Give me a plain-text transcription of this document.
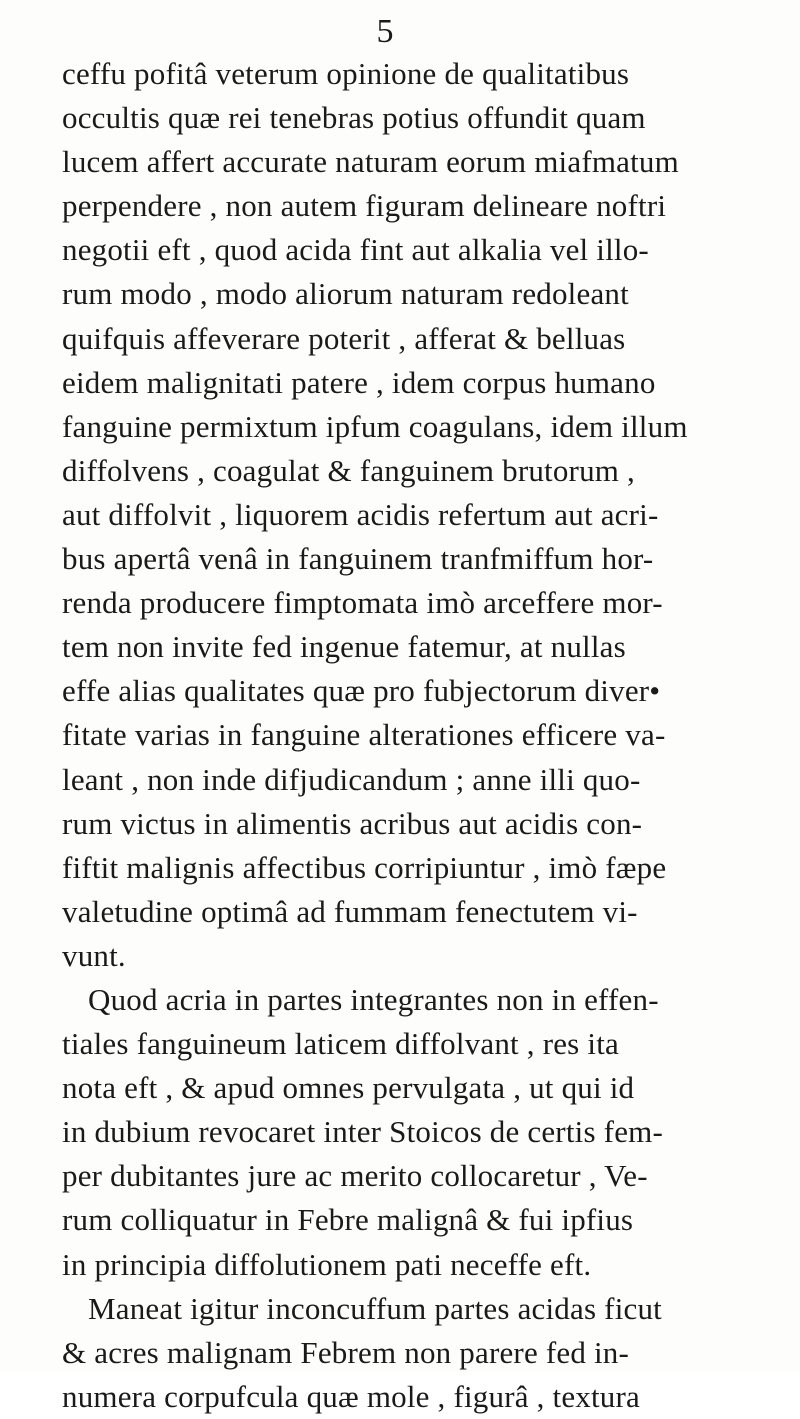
5
ceffu pofitâ veterum opinione de qualitatibus
occultis quæ rei tenebras potius offundit quam
lucem affert accurate naturam eorum miafmatum
perpendere , non autem figuram delineare noftri
negotii eft , quod acida fint aut alkalia vel illo-
rum modo , modo aliorum naturam redoleant
quifquis affeverare poterit , afferat & belluas
eidem malignitati patere , idem corpus humano
fanguine permixtum ipfum coagulans, idem illum
diffolvens , coagulat & fanguinem brutorum ,
aut diffolvit , liquorem acidis refertum aut acri-
bus apertâ venâ in fanguinem tranfmiffum hor-
renda producere fimptomata imò arceffere mor-
tem non invite fed ingenue fatemur, at nullas
effe alias qualitates quæ pro fubjectorum diver•
fitate varias in fanguine alterationes efficere va-
leant , non inde difjudicandum ; anne illi quo-
rum victus in alimentis acribus aut acidis con-
fiftit malignis affectibus corripiuntur , imò fæpe
valetudine optimâ ad fummam fenectutem vi-
vunt.
Quod acria in partes integrantes non in effen-
tiales fanguineum laticem diffolvant , res ita
nota eft , & apud omnes pervulgata , ut qui id
in dubium revocaret inter Stoicos de certis fem-
per dubitantes jure ac merito collocaretur , Ve-
rum colliquatur in Febre malignâ & fui ipfius
in principia diffolutionem pati neceffe eft.
Maneat igitur inconcuffum partes acidas ficut
& acres malignam Febrem non parere fed in-
numera corpufcula quæ mole , figurâ , textura
